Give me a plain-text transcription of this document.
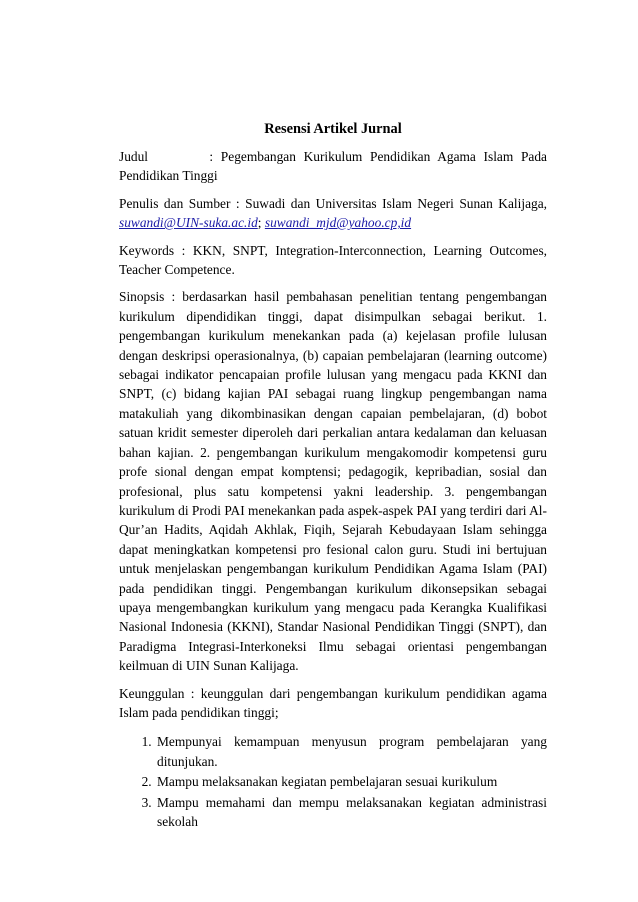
Resensi Artikel Jurnal

Judul	: Pegembangan Kurikulum Pendidikan Agama Islam Pada Pendidikan Tinggi

Penulis dan Sumber : Suwadi dan Universitas Islam Negeri Sunan Kalijaga, suwandi@UIN-suka.ac.id; suwandi_mjd@yahoo.cp,id

Keywords : KKN, SNPT, Integration-Interconnection, Learning Outcomes, Teacher Competence.

Sinopsis : berdasarkan hasil pembahasan penelitian tentang pengembangan kurikulum dipendidikan tinggi, dapat disimpulkan sebagai berikut. 1. pengembangan kurikulum menekankan pada (a) kejelasan profile lulusan dengan deskripsi operasionalnya, (b) capaian pembelajaran (learning outcome) sebagai indikator pencapaian profile lulusan yang mengacu pada KKNI dan SNPT, (c) bidang kajian PAI sebagai ruang lingkup pengembangan nama matakuliah yang dikombinasikan dengan capaian pembelajaran, (d) bobot satuan kridit semester diperoleh dari perkalian antara kedalaman dan keluasan bahan kajian. 2. pengembangan kurikulum mengakomodir kompetensi guru profe sional dengan empat komptensi; pedagogik, kepribadian, sosial dan profesional, plus satu kompetensi yakni leadership. 3. pengembangan kurikulum di Prodi PAI menekankan pada aspek-aspek PAI yang terdiri dari Al-Qur’an Hadits, Aqidah Akhlak, Fiqih, Sejarah Kebudayaan Islam sehingga dapat meningkatkan kompetensi pro fesional calon guru. Studi ini bertujuan untuk menjelaskan pengembangan kurikulum Pendidikan Agama Islam (PAI) pada pendidikan tinggi. Pengembangan kurikulum dikonsepsikan sebagai upaya mengembangkan kurikulum yang mengacu pada Kerangka Kualifikasi Nasional Indonesia (KKNI), Standar Nasional Pendidikan Tinggi (SNPT), dan Paradigma Integrasi-Interkoneksi Ilmu sebagai orientasi pengembangan keilmuan di UIN Sunan Kalijaga.

Keunggulan : keunggulan dari pengembangan kurikulum pendidikan agama Islam pada pendidikan tinggi;

1. Mempunyai kemampuan menyusun program pembelajaran yang ditunjukan.
2. Mampu melaksanakan kegiatan pembelajaran sesuai kurikulum
3. Mampu memahami dan mempu melaksanakan kegiatan administrasi sekolah
